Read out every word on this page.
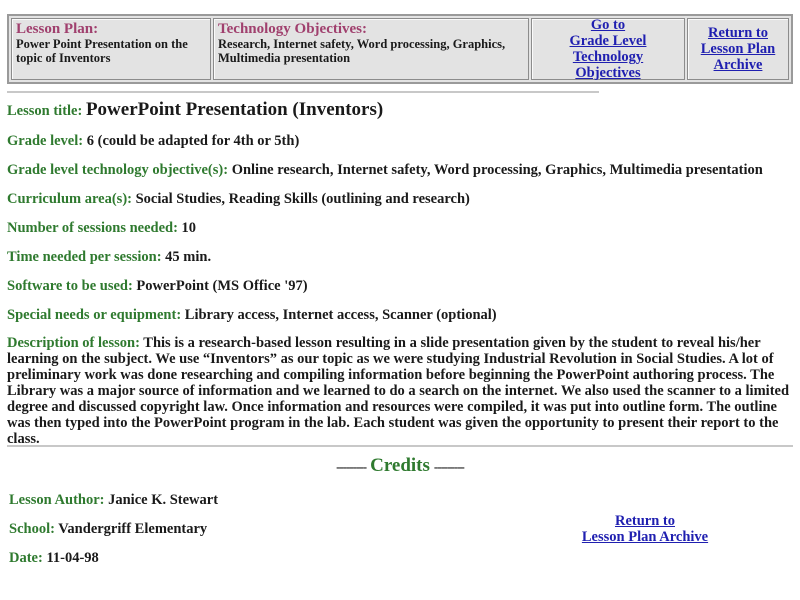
Lesson Plan:
Power Point Presentation on the topic of Inventors
Technology Objectives:
Research, Internet safety, Word processing, Graphics, Multimedia presentation
Go to
Grade Level Technology
Objectives
Return to
Lesson Plan
Archive
Lesson title: PowerPoint Presentation (Inventors)
Grade level: 6 (could be adapted for 4th or 5th)
Grade level technology objective(s): Online research, Internet safety, Word processing, Graphics, Multimedia presentation
Curriculum area(s): Social Studies, Reading Skills (outlining and research)
Number of sessions needed: 10
Time needed per session: 45 min.
Software to be used: PowerPoint (MS Office '97)
Special needs or equipment: Library access, Internet access, Scanner (optional)
Description of lesson: This is a research-based lesson resulting in a slide presentation given by the student to reveal his/her learning on the subject. We use “Inventors” as our topic as we were studying Industrial Revolution in Social Studies. A lot of preliminary work was done researching and compiling information before beginning the PowerPoint authoring process. The Library was a major source of information and we learned to do a search on the internet. We also used the scanner to a limited degree and discussed copyright law. Once information and resources were compiled, it was put into outline form. The outline was then typed into the PowerPoint program in the lab. Each student was given the opportunity to present their report to the class.
--------- Credits ---------
Lesson Author: Janice K. Stewart
School: Vandergriff Elementary
Date: 11-04-98
Return to
Lesson Plan Archive
